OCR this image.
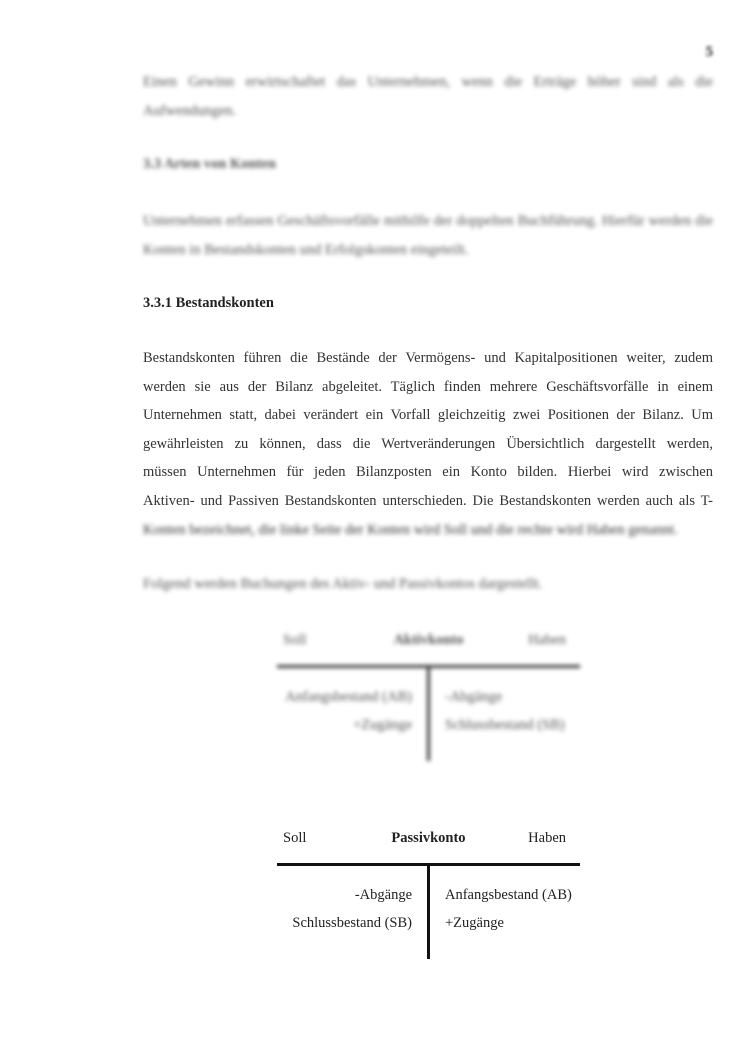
5
Einen Gewinn erwirtschaftet das Unternehmen, wenn die Erträge höher sind als die Aufwendungen.
3.3 Arten von Konten
Unternehmen erfassen Geschäftsvorfälle mithilfe der doppelten Buchführung. Hierfür werden die Konten in Bestandskonten und Erfolgskonten eingeteilt.
3.3.1 Bestandskonten
Bestandskonten führen die Bestände der Vermögens- und Kapitalpositionen weiter, zudem
werden sie aus der Bilanz abgeleitet. Täglich finden mehrere Geschäftsvorfälle in einem
Unternehmen statt, dabei verändert ein Vorfall gleichzeitig zwei Positionen der Bilanz. Um
gewährleisten zu können, dass die Wertveränderungen Übersichtlich dargestellt werden,
müssen Unternehmen für jeden Bilanzposten ein Konto bilden. Hierbei wird zwischen
Aktiven- und Passiven Bestandskonten unterschieden. Die Bestandskonten werden auch als T-
Konten bezeichnet, die linke Seite der Konten wird Soll und die rechte wird Haben genannt.
Folgend werden Buchungen des Aktiv- und Passivkontos dargestellt.
Aktivkonto
Soll	Haben
Anfangsbestand (AB)
+Zugänge
-Abgänge
Schlussbestand (SB)
Passivkonto
Soll	Haben
-Abgänge
Schlussbestand (SB)
Anfangsbestand (AB)
+Zugänge
